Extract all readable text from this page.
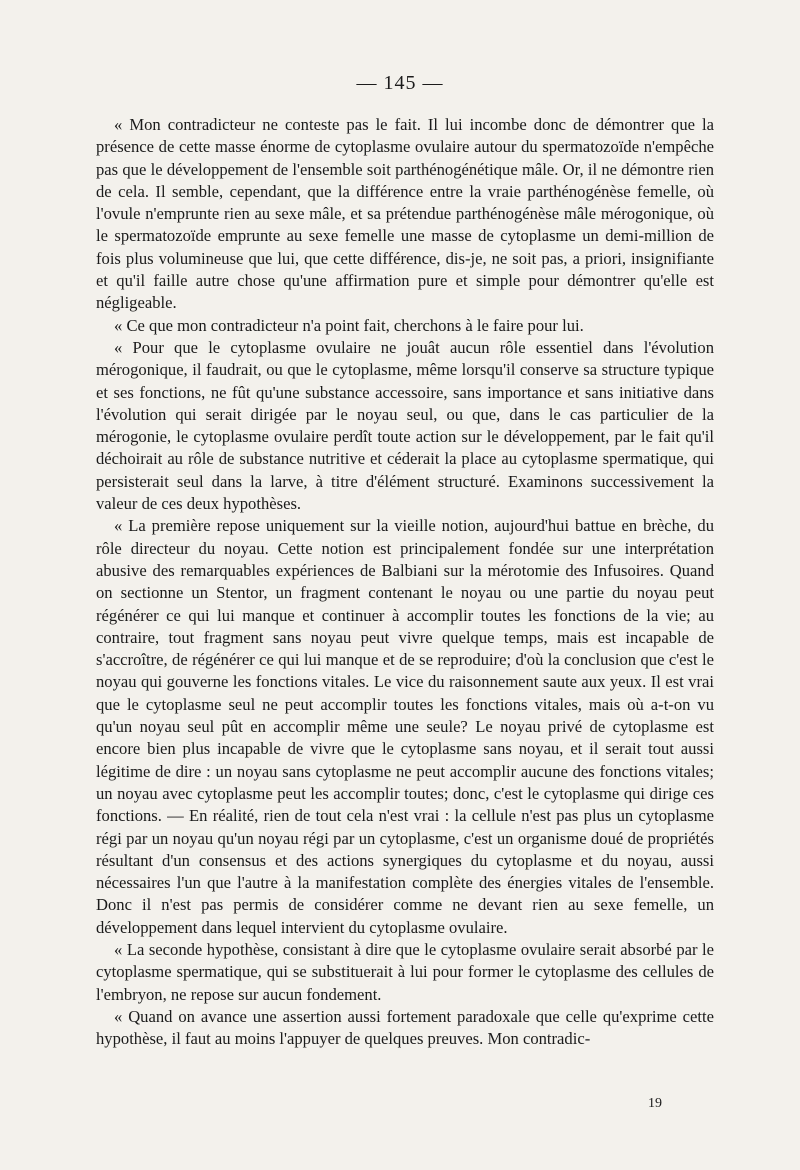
— 145 —

« Mon contradicteur ne conteste pas le fait. Il lui incombe donc de démontrer que la présence de cette masse énorme de cytoplasme ovulaire autour du spermatozoïde n'empêche pas que le développement de l'ensemble soit parthénogénétique mâle. Or, il ne démontre rien de cela. Il semble, cependant, que la différence entre la vraie parthénogénèse femelle, où l'ovule n'emprunte rien au sexe mâle, et sa prétendue parthénogénèse mâle mérogonique, où le spermatozoïde emprunte au sexe femelle une masse de cytoplasme un demi-million de fois plus volumineuse que lui, que cette différence, dis-je, ne soit pas, a priori, insignifiante et qu'il faille autre chose qu'une affirmation pure et simple pour démontrer qu'elle est négligeable.

« Ce que mon contradicteur n'a point fait, cherchons à le faire pour lui.

« Pour que le cytoplasme ovulaire ne jouât aucun rôle essentiel dans l'évolution mérogonique, il faudrait, ou que le cytoplasme, même lorsqu'il conserve sa structure typique et ses fonctions, ne fût qu'une substance accessoire, sans importance et sans initiative dans l'évolution qui serait dirigée par le noyau seul, ou que, dans le cas particulier de la mérogonie, le cytoplasme ovulaire perdît toute action sur le développement, par le fait qu'il déchoirait au rôle de substance nutritive et céderait la place au cytoplasme spermatique, qui persisterait seul dans la larve, à titre d'élément structuré. Examinons successivement la valeur de ces deux hypothèses.

« La première repose uniquement sur la vieille notion, aujourd'hui battue en brèche, du rôle directeur du noyau. Cette notion est principalement fondée sur une interprétation abusive des remarquables expériences de Balbiani sur la mérotomie des Infusoires. Quand on sectionne un Stentor, un fragment contenant le noyau ou une partie du noyau peut régénérer ce qui lui manque et continuer à accomplir toutes les fonctions de la vie; au contraire, tout fragment sans noyau peut vivre quelque temps, mais est incapable de s'accroître, de régénérer ce qui lui manque et de se reproduire; d'où la conclusion que c'est le noyau qui gouverne les fonctions vitales. Le vice du raisonnement saute aux yeux. Il est vrai que le cytoplasme seul ne peut accomplir toutes les fonctions vitales, mais où a-t-on vu qu'un noyau seul pût en accomplir même une seule? Le noyau privé de cytoplasme est encore bien plus incapable de vivre que le cytoplasme sans noyau, et il serait tout aussi légitime de dire : un noyau sans cytoplasme ne peut accomplir aucune des fonctions vitales; un noyau avec cytoplasme peut les accomplir toutes; donc, c'est le cytoplasme qui dirige ces fonctions. — En réalité, rien de tout cela n'est vrai : la cellule n'est pas plus un cytoplasme régi par un noyau qu'un noyau régi par un cytoplasme, c'est un organisme doué de propriétés résultant d'un consensus et des actions synergiques du cytoplasme et du noyau, aussi nécessaires l'un que l'autre à la manifestation complète des énergies vitales de l'ensemble. Donc il n'est pas permis de considérer comme ne devant rien au sexe femelle, un développement dans lequel intervient du cytoplasme ovulaire.

« La seconde hypothèse, consistant à dire que le cytoplasme ovulaire serait absorbé par le cytoplasme spermatique, qui se substituerait à lui pour former le cytoplasme des cellules de l'embryon, ne repose sur aucun fondement.

« Quand on avance une assertion aussi fortement paradoxale que celle qu'exprime cette hypothèse, il faut au moins l'appuyer de quelques preuves. Mon contradic-

19
